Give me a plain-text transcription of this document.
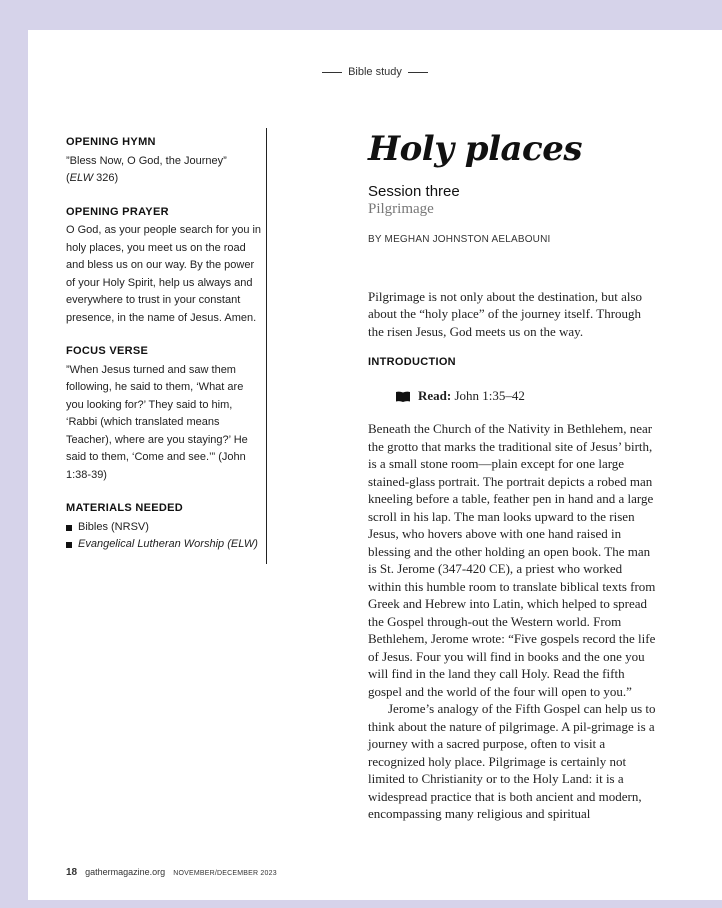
Bible study
OPENING HYMN

”Bless Now, O God, the Journey”
(ELW 326)

OPENING PRAYER

O God, as your people search for you in holy places, you meet us on the road and bless us on our way. By the power of your Holy Spirit, help us always and everywhere to trust in your constant presence, in the name of Jesus. Amen.

FOCUS VERSE

”When Jesus turned and saw them following, he said to them, ‘What are you looking for?’ They said to him, ‘Rabbi (which translated means Teacher), where are you staying?’ He said to them, ‘Come and see.’” (John 1:38-39)

MATERIALS NEEDED
Bibles (NRSV)
Evangelical Lutheran Worship (ELW)
Holy places
Session three
Pilgrimage
BY MEGHAN JOHNSTON AELABOUNI
Pilgrimage is not only about the destination, but also about the “holy place” of the journey itself. Through the risen Jesus, God meets us on the way.
INTRODUCTION
Read: John 1:35–42

Beneath the Church of the Nativity in Bethlehem, near the grotto that marks the traditional site of Jesus’ birth, is a small stone room—plain except for one large stained-glass portrait. The portrait depicts a robed man kneeling before a table, feather pen in hand and a large scroll in his lap. The man looks upward to the risen Jesus, who hovers above with one hand raised in blessing and the other holding an open book. The man is St. Jerome (347-420 CE), a priest who worked within this humble room to translate biblical texts from Greek and Hebrew into Latin, which helped to spread the Gospel through-out the Western world. From Bethlehem, Jerome wrote: “Five gospels record the life of Jesus. Four you will find in books and the one you will find in the land they call Holy. Read the fifth gospel and the world of the four will open to you.”

Jerome’s analogy of the Fifth Gospel can help us to think about the nature of pilgrimage. A pil-grimage is a journey with a sacred purpose, often to visit a recognized holy place. Pilgrimage is certainly not limited to Christianity or to the Holy Land: it is a widespread practice that is both ancient and modern, encompassing many religious and spiritual

18 gathermagazine.org NOVEMBER/DECEMBER 2023
